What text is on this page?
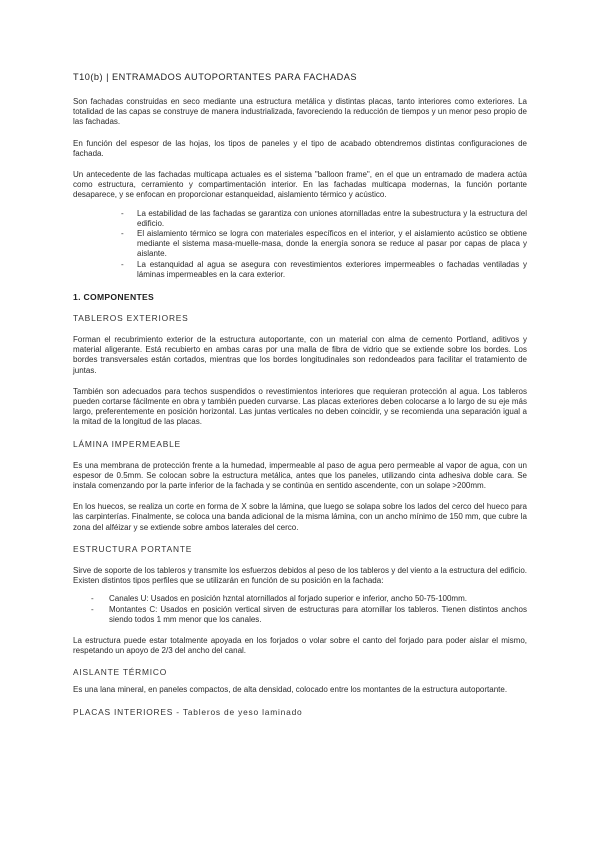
T10(b) | ENTRAMADOS AUTOPORTANTES PARA FACHADAS

Son fachadas construidas en seco mediante una estructura metálica y distintas placas, tanto interiores como exteriores. La totalidad de las capas se construye de manera industrializada, favoreciendo la reducción de tiempos y un menor peso propio de las fachadas.

En función del espesor de las hojas, los tipos de paneles y el tipo de acabado obtendremos distintas configuraciones de fachada.

Un antecedente de las fachadas multicapa actuales es el sistema "balloon frame", en el que un entramado de madera actúa como estructura, cerramiento y compartimentación interior. En las fachadas multicapa modernas, la función portante desaparece, y se enfocan en proporcionar estanqueidad, aislamiento térmico y acústico.

- La estabilidad de las fachadas se garantiza con uniones atornilladas entre la subestructura y la estructura del edificio.
- El aislamiento térmico se logra con materiales específicos en el interior, y el aislamiento acústico se obtiene mediante el sistema masa-muelle-masa, donde la energía sonora se reduce al pasar por capas de placa y aislante.
- La estanquidad al agua se asegura con revestimientos exteriores impermeables o fachadas ventiladas y láminas impermeables en la cara exterior.
1. COMPONENTES
TABLEROS EXTERIORES

Forman el recubrimiento exterior de la estructura autoportante, con un material con alma de cemento Portland, aditivos y material aligerante. Está recubierto en ambas caras por una malla de fibra de vidrio que se extiende sobre los bordes. Los bordes transversales están cortados, mientras que los bordes longitudinales son redondeados para facilitar el tratamiento de juntas.

También son adecuados para techos suspendidos o revestimientos interiores que requieran protección al agua. Los tableros pueden cortarse fácilmente en obra y también pueden curvarse. Las placas exteriores deben colocarse a lo largo de su eje más largo, preferentemente en posición horizontal. Las juntas verticales no deben coincidir, y se recomienda una separación igual a la mitad de la longitud de las placas.

LÁMINA IMPERMEABLE

Es una membrana de protección frente a la humedad, impermeable al paso de agua pero permeable al vapor de agua, con un espesor de 0.5mm. Se colocan sobre la estructura metálica, antes que los paneles, utilizando cinta adhesiva doble cara. Se instala comenzando por la parte inferior de la fachada y se continúa en sentido ascendente, con un solape >200mm.

En los huecos, se realiza un corte en forma de X sobre la lámina, que luego se solapa sobre los lados del cerco del hueco para las carpinterías. Finalmente, se coloca una banda adicional de la misma lámina, con un ancho mínimo de 150 mm, que cubre la zona del alféizar y se extiende sobre ambos laterales del cerco.

ESTRUCTURA PORTANTE

Sirve de soporte de los tableros y transmite los esfuerzos debidos al peso de los tableros y del viento a la estructura del edificio. Existen distintos tipos perfiles que se utilizarán en función de su posición en la fachada:

- Canales U: Usados en posición hzntal atornillados al forjado superior e inferior, ancho 50-75-100mm.
- Montantes C: Usados en posición vertical sirven de estructuras para atornillar los tableros. Tienen distintos anchos siendo todos 1 mm menor que los canales.

La estructura puede estar totalmente apoyada en los forjados o volar sobre el canto del forjado para poder aislar el mismo, respetando un apoyo de 2/3 del ancho del canal.

AISLANTE TÉRMICO

Es una lana mineral, en paneles compactos, de alta densidad, colocado entre los montantes de la estructura autoportante.

PLACAS INTERIORES - Tableros de yeso laminado
